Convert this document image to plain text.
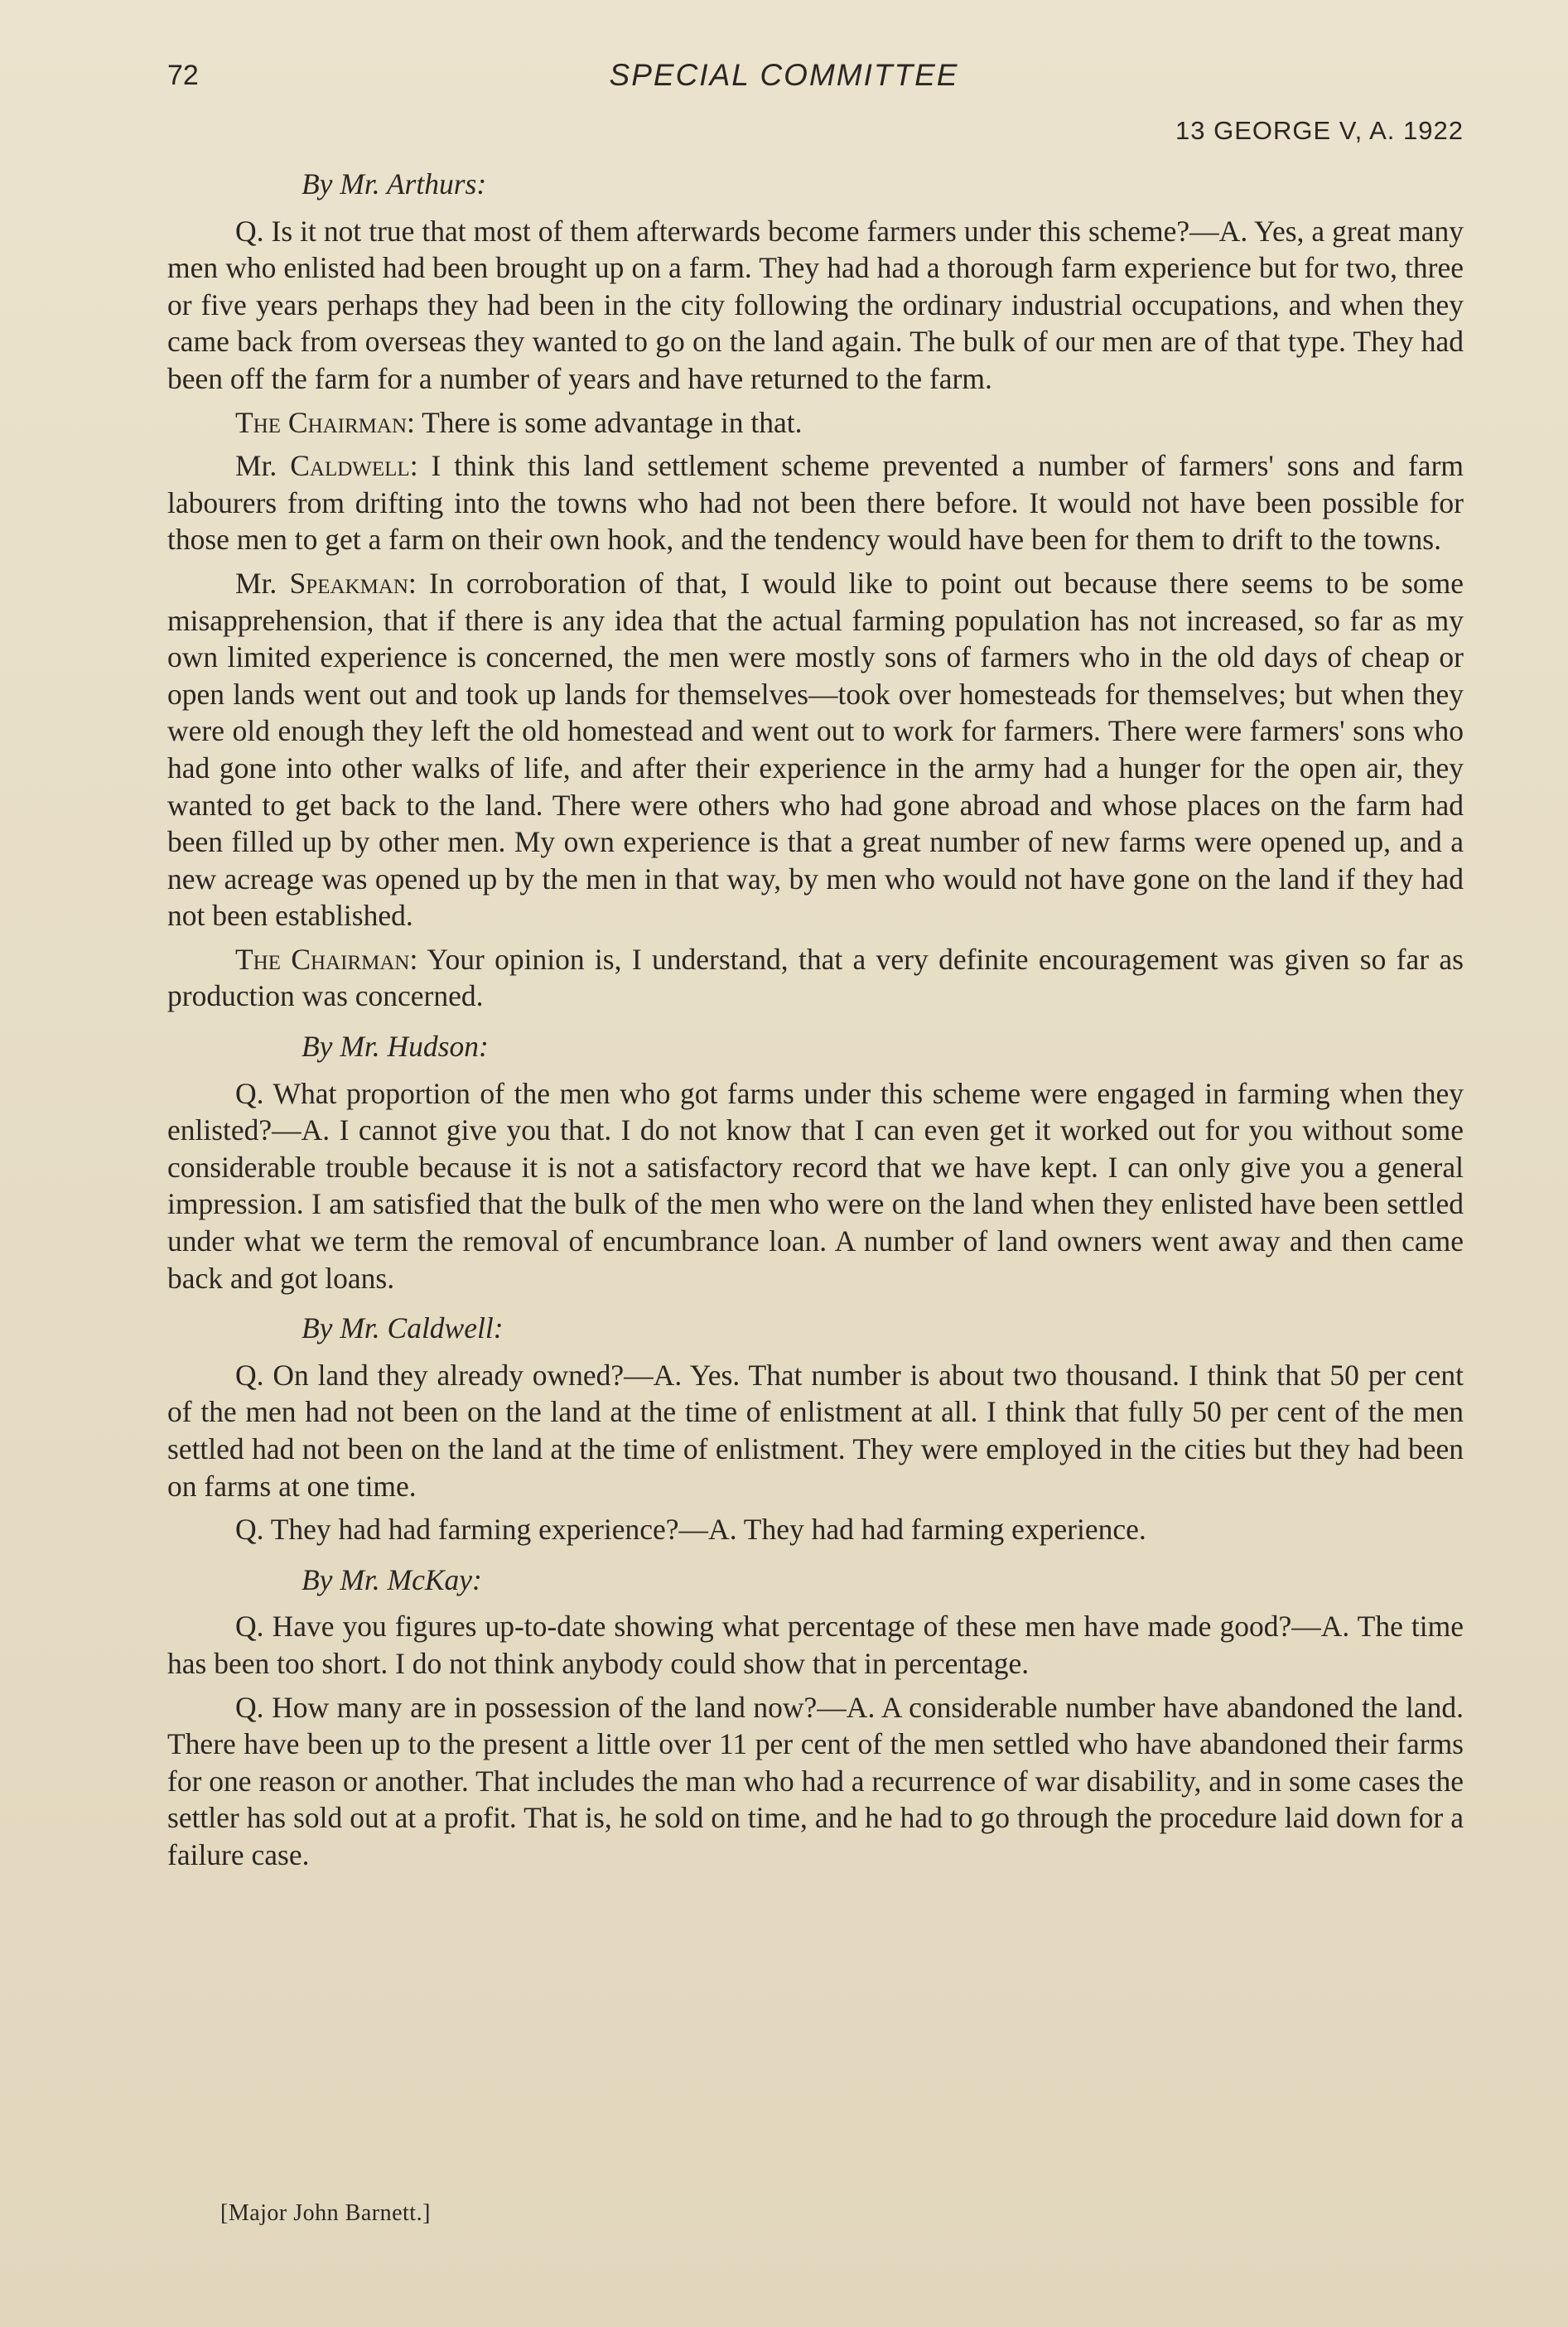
72	SPECIAL COMMITTEE
13 GEORGE V, A. 1922

By Mr. Arthurs:

Q. Is it not true that most of them afterwards become farmers under this scheme?—A. Yes, a great many men who enlisted had been brought up on a farm. They had had a thorough farm experience but for two, three or five years perhaps they had been in the city following the ordinary industrial occupations, and when they came back from overseas they wanted to go on the land again. The bulk of our men are of that type. They had been off the farm for a number of years and have returned to the farm.

The Chairman: There is some advantage in that.

Mr. Caldwell: I think this land settlement scheme prevented a number of farmers' sons and farm labourers from drifting into the towns who had not been there before. It would not have been possible for those men to get a farm on their own hook, and the tendency would have been for them to drift to the towns.

Mr. Speakman: In corroboration of that, I would like to point out because there seems to be some misapprehension, that if there is any idea that the actual farming population has not increased, so far as my own limited experience is concerned, the men were mostly sons of farmers who in the old days of cheap or open lands went out and took up lands for themselves—took over homesteads for themselves; but when they were old enough they left the old homestead and went out to work for farmers. There were farmers' sons who had gone into other walks of life, and after their experience in the army had a hunger for the open air, they wanted to get back to the land. There were others who had gone abroad and whose places on the farm had been filled up by other men. My own experience is that a great number of new farms were opened up, and a new acreage was opened up by the men in that way, by men who would not have gone on the land if they had not been established.

The Chairman: Your opinion is, I understand, that a very definite encouragement was given so far as production was concerned.

By Mr. Hudson:

Q. What proportion of the men who got farms under this scheme were engaged in farming when they enlisted?—A. I cannot give you that. I do not know that I can even get it worked out for you without some considerable trouble because it is not a satisfactory record that we have kept. I can only give you a general impression. I am satisfied that the bulk of the men who were on the land when they enlisted have been settled under what we term the removal of encumbrance loan. A number of land owners went away and then came back and got loans.

By Mr. Caldwell:

Q. On land they already owned?—A. Yes. That number is about two thousand. I think that 50 per cent of the men had not been on the land at the time of enlistment at all. I think that fully 50 per cent of the men settled had not been on the land at the time of enlistment. They were employed in the cities but they had been on farms at one time.

Q. They had had farming experience?—A. They had had farming experience.

By Mr. McKay:

Q. Have you figures up-to-date showing what percentage of these men have made good?—A. The time has been too short. I do not think anybody could show that in percentage.

Q. How many are in possession of the land now?—A. A considerable number have abandoned the land. There have been up to the present a little over 11 per cent of the men settled who have abandoned their farms for one reason or another. That includes the man who had a recurrence of war disability, and in some cases the settler has sold out at a profit. That is, he sold on time, and he had to go through the procedure laid down for a failure case.

[Major John Barnett.]
